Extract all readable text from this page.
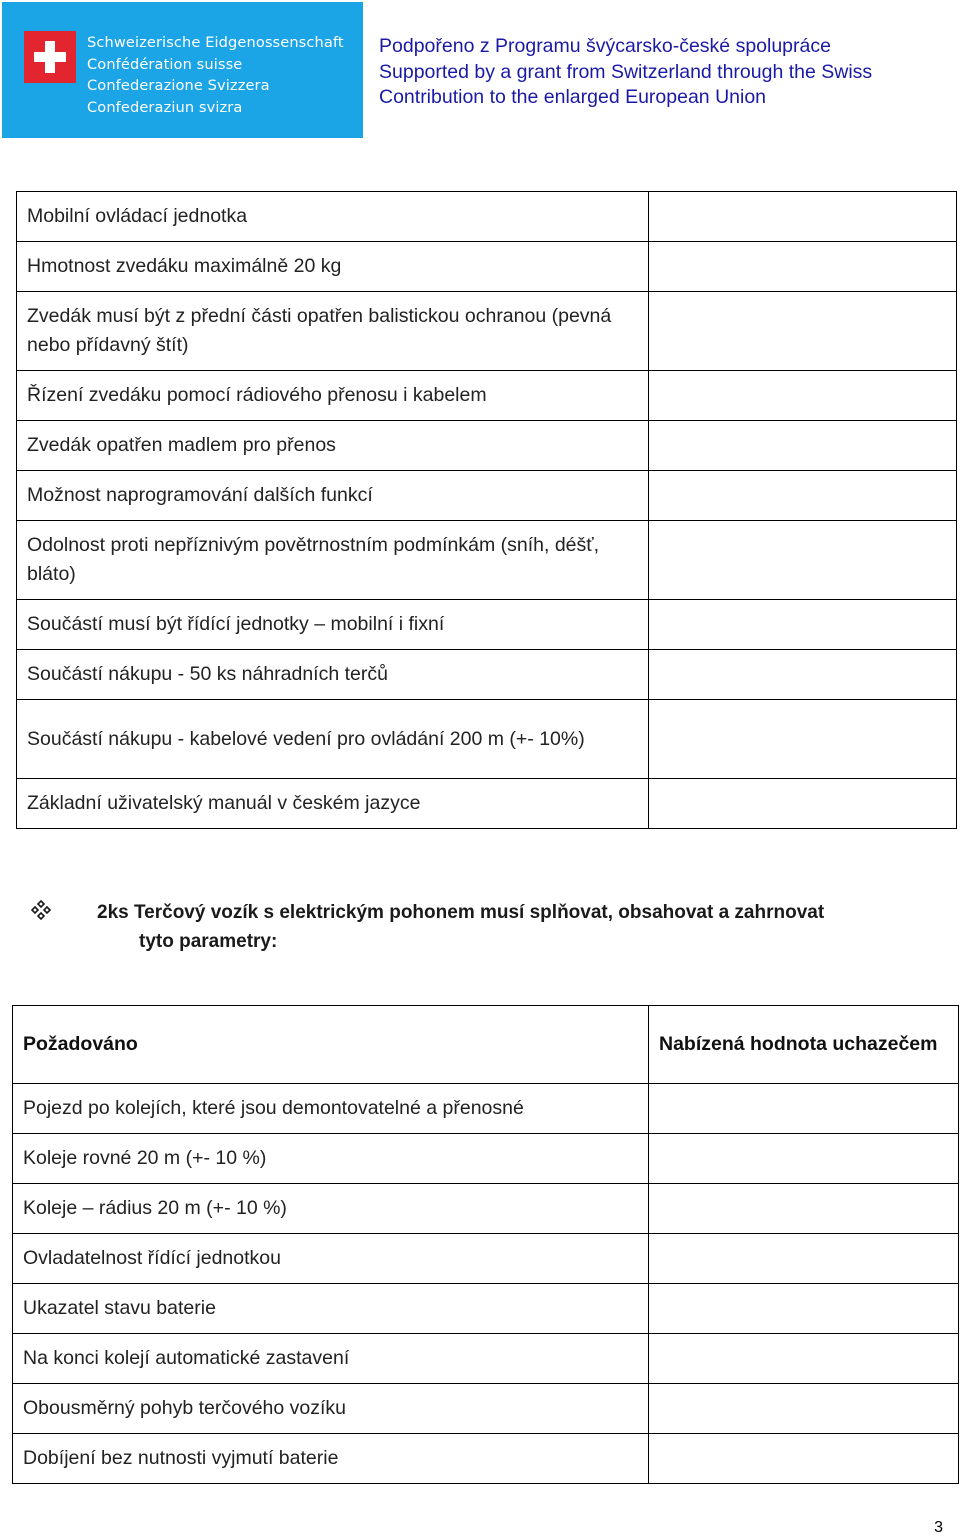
Schweizerische Eidgenossenschaft
Confédération suisse
Confederazione Svizzera
Confederaziun svizra
Podpořeno z Programu švýcarsko-české spolupráce
Supported by a grant from Switzerland through the Swiss
Contribution to the enlarged European Union
Mobilní ovládací jednotka	
Hmotnost zvedáku maximálně 20 kg	
Zvedák musí být z přední části opatřen balistickou ochranou (pevná nebo přídavný štít)	
Řízení zvedáku pomocí rádiového přenosu i kabelem	
Zvedák opatřen madlem pro přenos	
Možnost naprogramování dalších funkcí	
Odolnost proti nepříznivým povětrnostním podmínkám (sníh, déšť, bláto)	
Součástí musí být řídící jednotky – mobilní i fixní	
Součástí nákupu - 50 ks náhradních terčů	
Součástí nákupu - kabelové vedení pro ovládání 200 m (+- 10%)	
Základní uživatelský manuál v českém jazyce	
2ks Terčový vozík s elektrickým pohonem musí splňovat, obsahovat a zahrnovat
tyto parametry:
Požadováno	Nabízená hodnota uchazečem
Pojezd po kolejích, které jsou demontovatelné a přenosné	
Koleje rovné 20 m (+- 10 %)	
Koleje – rádius 20 m (+- 10 %)	
Ovladatelnost řídící jednotkou	
Ukazatel stavu baterie	
Na konci kolejí automatické zastavení	
Obousměrný pohyb terčového vozíku	
Dobíjení bez nutnosti vyjmutí baterie	
3
